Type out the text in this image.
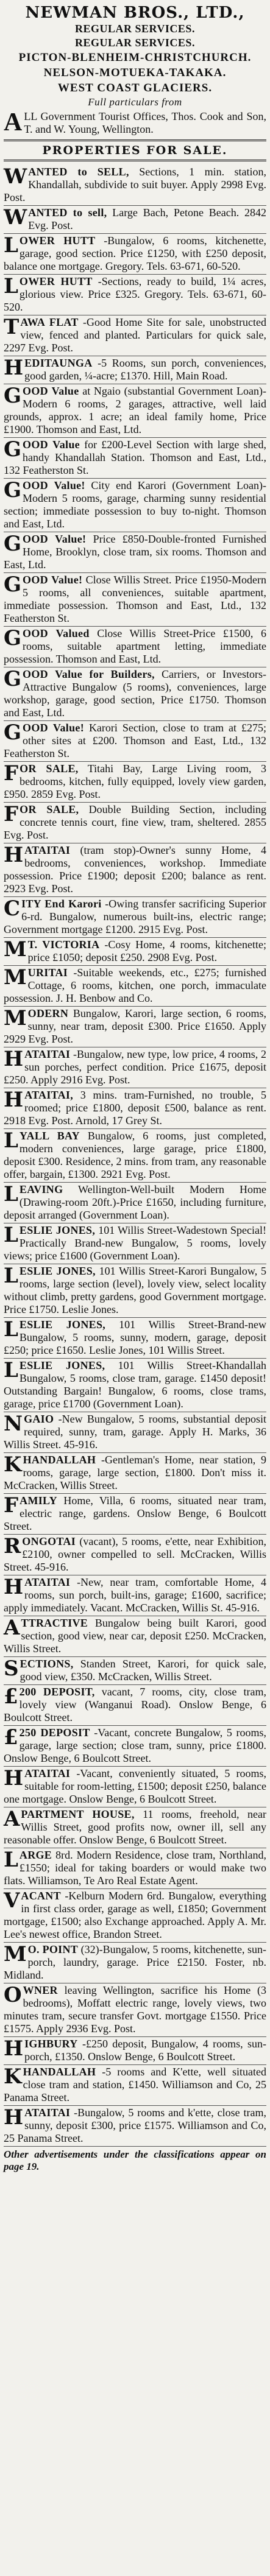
NEWMAN BROS., LTD.,
REGULAR SERVICES.
REGULAR SERVICES.
PICTON-BLENHEIM-CHRISTCHURCH.
NELSON-MOTUEKA-TAKAKA.
WEST COAST GLACIERS.
Full particulars from
ALL Government Tourist Offices, Thos. Cook and Son, T. and W. Young, Wellington.
PROPERTIES FOR SALE.
WANTED to SELL, Sections, 1 min. station, Khandallah, subdivide to suit buyer. Apply 2998 Evg. Post.
WANTED to sell, Large Bach, Petone Beach. 2842 Evg. Post.
LOWER HUTT -Bungalow, 6 rooms, kitchenette, garage, good section. Price £1250, with £250 deposit, balance one mortgage. Gregory. Tels. 63-671, 60-520.
LOWER HUTT -Sections, ready to build, 1¼ acres, glorious view. Price £325. Gregory. Tels. 63-671, 60-520.
TAWA FLAT -Good Home Site for sale, unobstructed view, fenced and planted. Particulars for quick sale, 2297 Evg. Post.
HEDITAUNGA -5 Rooms, sun porch, conveniences, good garden, ¼-acre; £1370. Hill, Main Road.
GOOD Value at Ngaio (substantial Government Loan)-Modern 6 rooms, 2 garages, attractive, well laid grounds, approx. 1 acre; an ideal family home, Price £1900. Thomson and East, Ltd.
GOOD Value for £200-Level Section with large shed, handy Khandallah Station. Thomson and East, Ltd., 132 Featherston St.
GOOD Value! City end Karori (Government Loan)-Modern 5 rooms, garage, charming sunny residential section; immediate possession to buy to-night. Thomson and East, Ltd.
GOOD Value! Price £850-Double-fronted Furnished Home, Brooklyn, close tram, six rooms. Thomson and East, Ltd.
GOOD Value! Close Willis Street. Price £1950-Modern 5 rooms, all conveniences, suitable apartment, immediate possession. Thomson and East, Ltd., 132 Featherston St.
GOOD Valued Close Willis Street-Price £1500, 6 rooms, suitable apartment letting, immediate possession. Thomson and East, Ltd.
GOOD Value for Builders, Carriers, or Investors-Attractive Bungalow (5 rooms), conveniences, large workshop, garage, good section, Price £1750. Thomson and East, Ltd.
GOOD Value! Karori Section, close to tram at £275; other sites at £200. Thomson and East, Ltd., 132 Featherston St.
FOR SALE, Titahi Bay, Large Living room, 3 bedrooms, kitchen, fully equipped, lovely view garden, £950. 2859 Evg. Post.
FOR SALE, Double Building Section, including concrete tennis court, fine view, tram, sheltered. 2855 Evg. Post.
HATAITAI (tram stop)-Owner's sunny Home, 4 bedrooms, conveniences, workshop. Immediate possession. Price £1900; deposit £200; balance as rent. 2923 Evg. Post.
CITY End Karori -Owing transfer sacrificing Superior 6-rd. Bungalow, numerous built-ins, electric range; Government mortgage £1200. 2915 Evg. Post.
M T. VICTORIA -Cosy Home, 4 rooms, kitchenette; price £1050; deposit £250. 2908 Evg. Post.
MURITAI -Suitable weekends, etc., £275; furnished Cottage, 6 rooms, kitchen, one porch, immaculate possession. J. H. Benbow and Co.
MODERN Bungalow, Karori, large section, 6 rooms, sunny, near tram, deposit £300. Price £1650. Apply 2929 Evg. Post.
HATAITAI -Bungalow, new type, low price, 4 rooms, 2 sun porches, perfect condition. Price £1675, deposit £250. Apply 2916 Evg. Post.
HATAITAI, 3 mins. tram-Furnished, no trouble, 5 roomed; price £1800, deposit £500, balance as rent. 2918 Evg. Post. Arnold, 17 Grey St.
LYALL BAY Bungalow, 6 rooms, just completed, modern conveniences, large garage, price £1800, deposit £300. Residence, 2 mins. from tram, any reasonable offer, bargain, £1300. 2921 Evg. Post.
LEAVING Wellington-Well-built Modern Home (Drawing-room 20ft.)-Price £1650, including furniture, deposit arranged (Government Loan).
LESLIE JONES, 101 Willis Street-Wadestown Special! Practically Brand-new Bungalow, 5 rooms, lovely views; price £1600 (Government Loan).
LESLIE JONES, 101 Willis Street-Karori Bungalow, 5 rooms, large section (level), lovely view, select locality without climb, pretty gardens, good Government mortgage. Price £1750. Leslie Jones.
LESLIE JONES, 101 Willis Street-Brand-new Bungalow, 5 rooms, sunny, modern, garage, deposit £250; price £1650. Leslie Jones, 101 Willis Street.
LESLIE JONES, 101 Willis Street-Khandallah Bungalow, 5 rooms, close tram, garage. £1450 deposit! Outstanding Bargain! Bungalow, 6 rooms, close trams, garage, price £1700 (Government Loan).
NGAIO -New Bungalow, 5 rooms, substantial deposit required, sunny, tram, garage. Apply H. Marks, 36 Willis Street. 45-916.
KHANDALLAH -Gentleman's Home, near station, 9 rooms, garage, large section, £1800. Don't miss it. McCracken, Willis Street.
FAMILY Home, Villa, 6 rooms, situated near tram, electric range, gardens. Onslow Benge, 6 Boulcott Street.
RONGOTAI (vacant), 5 rooms, e'ette, near Exhibition, £2100, owner compelled to sell. McCracken, Willis Street. 45-916.
HATAITAI -New, near tram, comfortable Home, 4 rooms, sun porch, built-ins, garage; £1600, sacrifice; apply immediately. Vacant. McCracken, Willis St. 45-916.
ATTRACTIVE Bungalow being built Karori, good section, good view, near car, deposit £250. McCracken, Willis Street.
SECTIONS, Standen Street, Karori, for quick sale, good view, £350. McCracken, Willis Street.
£ 200 DEPOSIT, vacant, 7 rooms, city, close tram, lovely view (Wanganui Road). Onslow Benge, 6 Boulcott Street.
£ 250 DEPOSIT -Vacant, concrete Bungalow, 5 rooms, garage, large section; close tram, sunny, price £1800. Onslow Benge, 6 Boulcott Street.
HATAITAI -Vacant, conveniently situated, 5 rooms, suitable for room-letting, £1500; deposit £250, balance one mortgage. Onslow Benge, 6 Boulcott Street.
APARTMENT HOUSE, 11 rooms, freehold, near Willis Street, good profits now, owner ill, sell any reasonable offer. Onslow Benge, 6 Boulcott Street.
LARGE 8rd. Modern Residence, close tram, Northland, £1550; ideal for taking boarders or would make two flats. Williamson, Te Aro Real Estate Agent.
VACANT -Kelburn Modern 6rd. Bungalow, everything in first class order, garage as well, £1850; Government mortgage, £1500; also Exchange approached. Apply A. Mr. Lee's newest office, Brandon Street.
M O. POINT (32)-Bungalow, 5 rooms, kitchenette, sun-porch, laundry, garage. Price £2150. Foster, nb. Midland.
OWNER leaving Wellington, sacrifice his Home (3 bedrooms), Moffatt electric range, lovely views, two minutes tram, secure transfer Govt. mortgage £1550. Price £1575. Apply 2936 Evg. Post.
HIGHBURY -£250 deposit, Bungalow, 4 rooms, sun-porch, £1350. Onslow Benge, 6 Boulcott Street.
KHANDALLAH -5 rooms and K'ette, well situated close tram and station, £1450. Williamson and Co, 25 Panama Street.
HATAITAI -Bungalow, 5 rooms and k'ette, close tram, sunny, deposit £300, price £1575. Williamson and Co, 25 Panama Street.
Other advertisements under the classifications appear on page 19.
